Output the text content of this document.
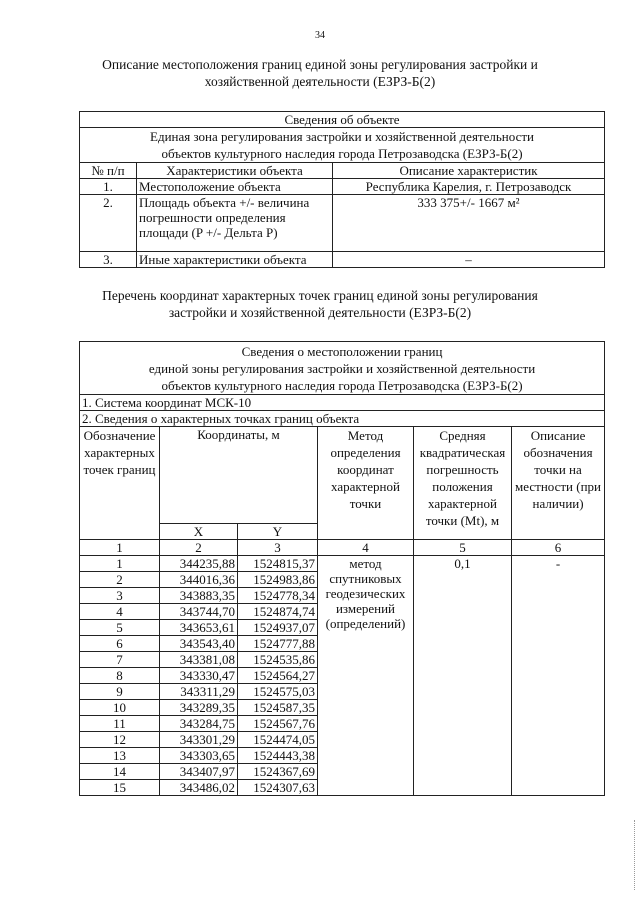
34
Описание местоположения границ единой зоны регулирования застройки и
хозяйственной деятельности (ЕЗРЗ-Б(2)
Сведения об объекте		

Единая зона регулирования застройки и хозяйственной деятельности
объектов культурного наследия города Петрозаводска (ЕЗРЗ-Б(2)		

№ п/п	Характеристики объекта	Описание характеристик
1.	Местоположение объекта	Республика Карелия, г. Петрозаводск
2.	Площадь объекта +/- величина погрешности определения площади (P +/- Дельта P)	333 375+/- 1667 м²
3.	Иные характеристики объекта	–
Перечень координат характерных точек границ единой зоны регулирования
застройки и хозяйственной деятельности (ЕЗРЗ-Б(2)
Сведения о местоположении границ
единой зоны регулирования застройки и хозяйственной деятельности
объектов культурного наследия города Петрозаводска (ЕЗРЗ-Б(2)					

1. Система координат МСК-10					
2. Сведения о характерных точках границ объекта					
Обозначение характерных точек границ	Координаты, м		Метод определения координат характерной точки	Средняя квадратическая погрешность положения характерной точки (Mt), м	Описание обозначения точки на местности (при наличии)
	X	Y			
1	2	3	4	5	6
1	344235,88	1524815,37	метод спутниковых геодезических измерений (определений)	0,1	-
2	344016,36	1524983,86			
3	343883,35	1524778,34			
4	343744,70	1524874,74			
5	343653,61	1524937,07			
6	343543,40	1524777,88			
7	343381,08	1524535,86			
8	343330,47	1524564,27			
9	343311,29	1524575,03			
10	343289,35	1524587,35			
11	343284,75	1524567,76			
12	343301,29	1524474,05			
13	343303,65	1524443,38			
14	343407,97	1524367,69			
15	343486,02	1524307,63			
